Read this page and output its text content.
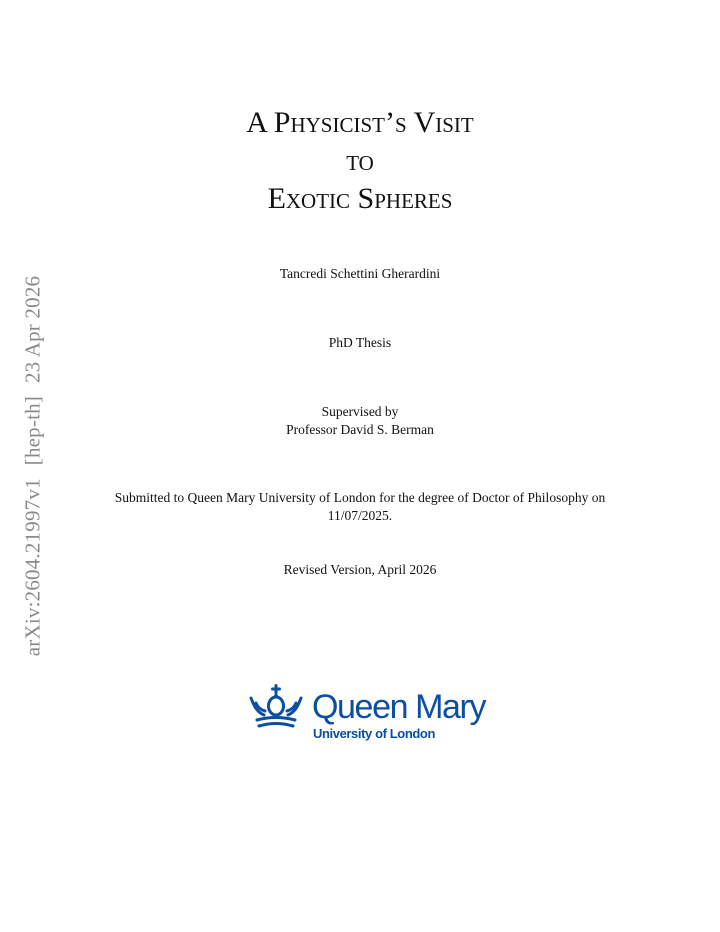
arXiv:2604.21997v1[hep-th]23 Apr 2026
A Physicist’s Visit
to
Exotic Spheres
Tancredi Schettini Gherardini
PhD Thesis
Supervised by
Professor David S. Berman
Submitted to Queen Mary University of London for the degree of Doctor of Philosophy on
11/07/2025.
Revised Version, April 2026
Queen Mary
University of London
